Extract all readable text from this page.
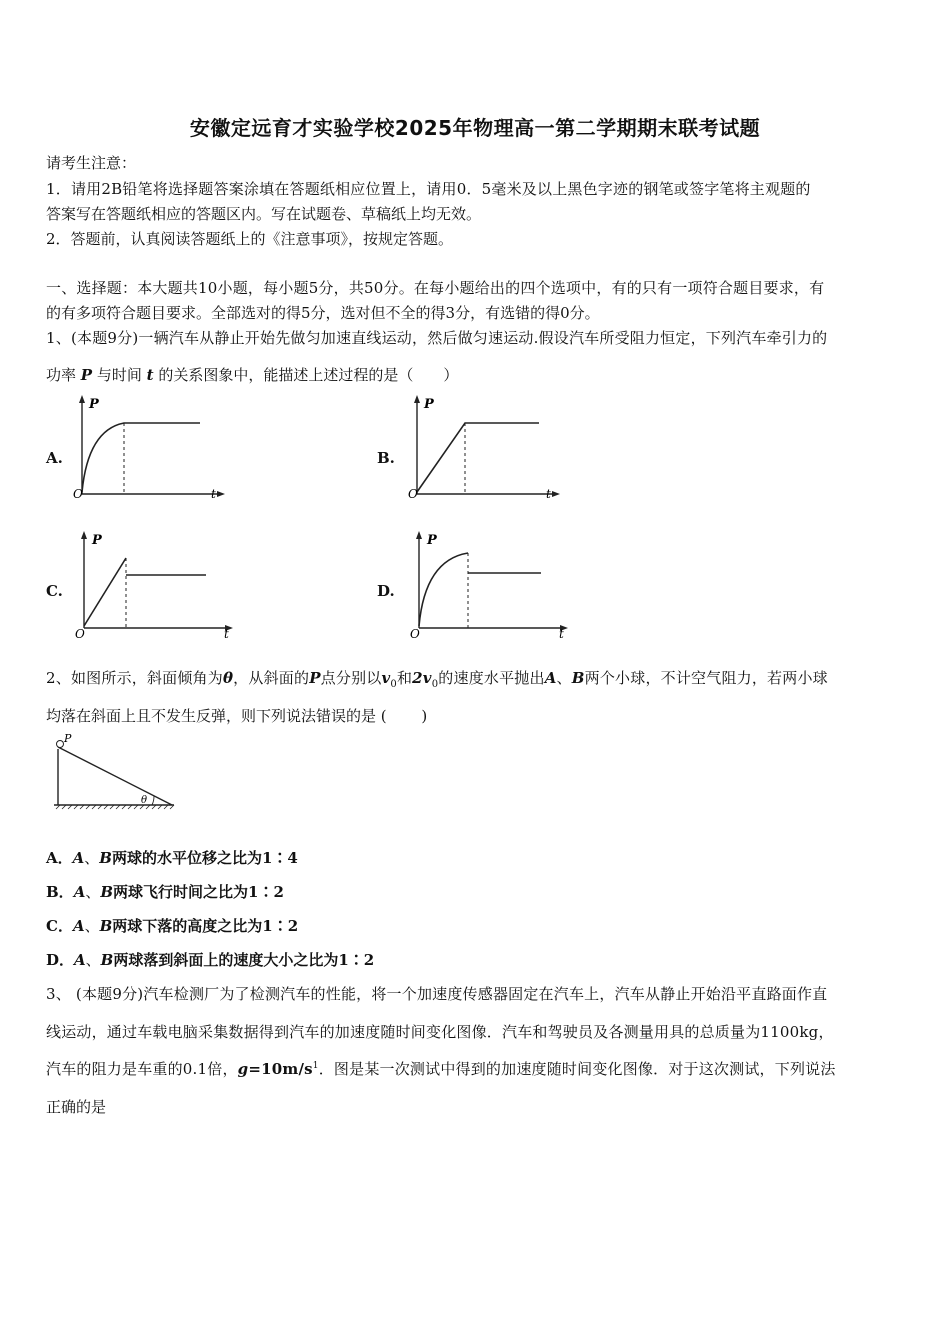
安徽定远育才实验学校2025年物理高一第二学期期末联考试题
请考生注意：
1．请用2B铅笔将选择题答案涂填在答题纸相应位置上，请用0．5毫米及以上黑色字迹的钢笔或签字笔将主观题的
答案写在答题纸相应的答题区内。写在试题卷、草稿纸上均无效。
2．答题前，认真阅读答题纸上的《注意事项》，按规定答题。
一、选择题：本大题共10小题，每小题5分，共50分。在每小题给出的四个选项中，有的只有一项符合题目要求，有
的有多项符合题目要求。全部选对的得5分，选对但不全的得3分，有选错的得0分。
1、(本题9分)一辆汽车从静止开始先做匀加速直线运动，然后做匀速运动.假设汽车所受阻力恒定，下列汽车牵引力的
功率 P 与时间 t 的关系图象中，能描述上述过程的是（　　）
A.	B.
C.	D.
P
O	t
P
O	t
P
O	t
P
O	t
2、如图所示，斜面倾角为θ，从斜面的P点分别以$v_0$和$2v_0$的速度水平抛出A、B两个小球，不计空气阻力，若两小球
均落在斜面上且不发生反弹，则下列说法错误的是 (　　 )
P
θ
A．A、B两球的水平位移之比为1∶4
B．A、B两球飞行时间之比为1∶2
C．A、B两球下落的高度之比为1∶2
D．A、B两球落到斜面上的速度大小之比为1∶2
3、 (本题9分)汽车检测厂为了检测汽车的性能，将一个加速度传感器固定在汽车上，汽车从静止开始沿平直路面作直
线运动，通过车载电脑采集数据得到汽车的加速度随时间变化图像．汽车和驾驶员及各测量用具的总质量为1100kg，
汽车的阻力是车重的0.1倍，$g=10m/s^1$．图是某一次测试中得到的加速度随时间变化图像．对于这次测试，下列说法
正确的是
